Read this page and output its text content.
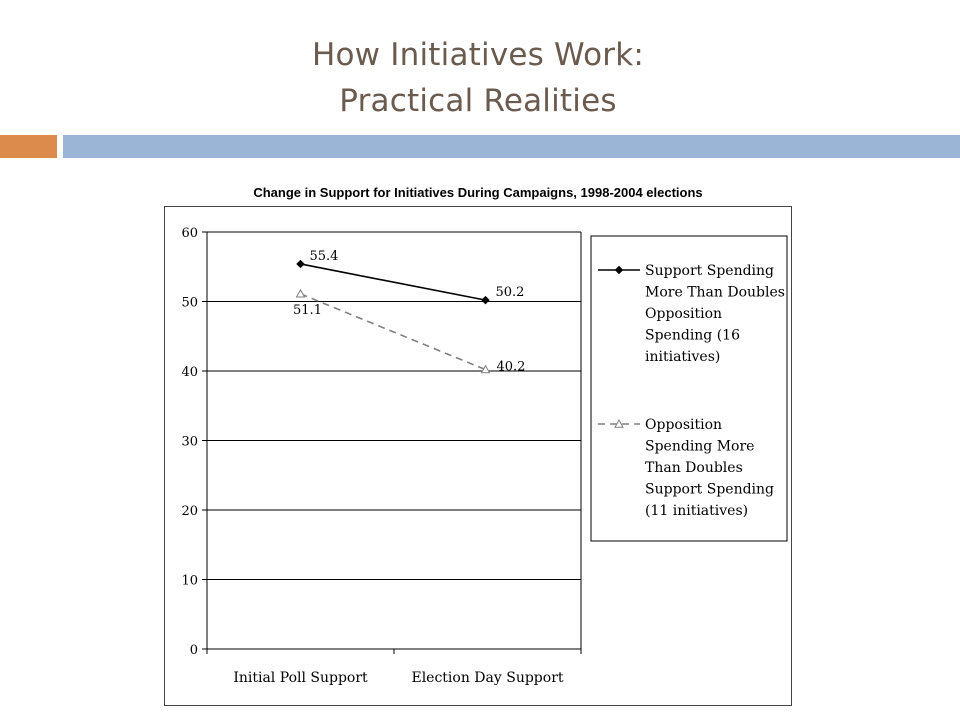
How Initiatives Work:
Practical Realities
Change in Support for Initiatives During Campaigns, 1998-2004 elections
0
10
20
30
40
50
60
Initial Poll Support	Election Day Support
55.4
50.2
51.1
40.2
Support Spending
More Than Doubles
Opposition
Spending (16
initiatives)
Opposition
Spending More
Than Doubles
Support Spending
(11 initiatives)
